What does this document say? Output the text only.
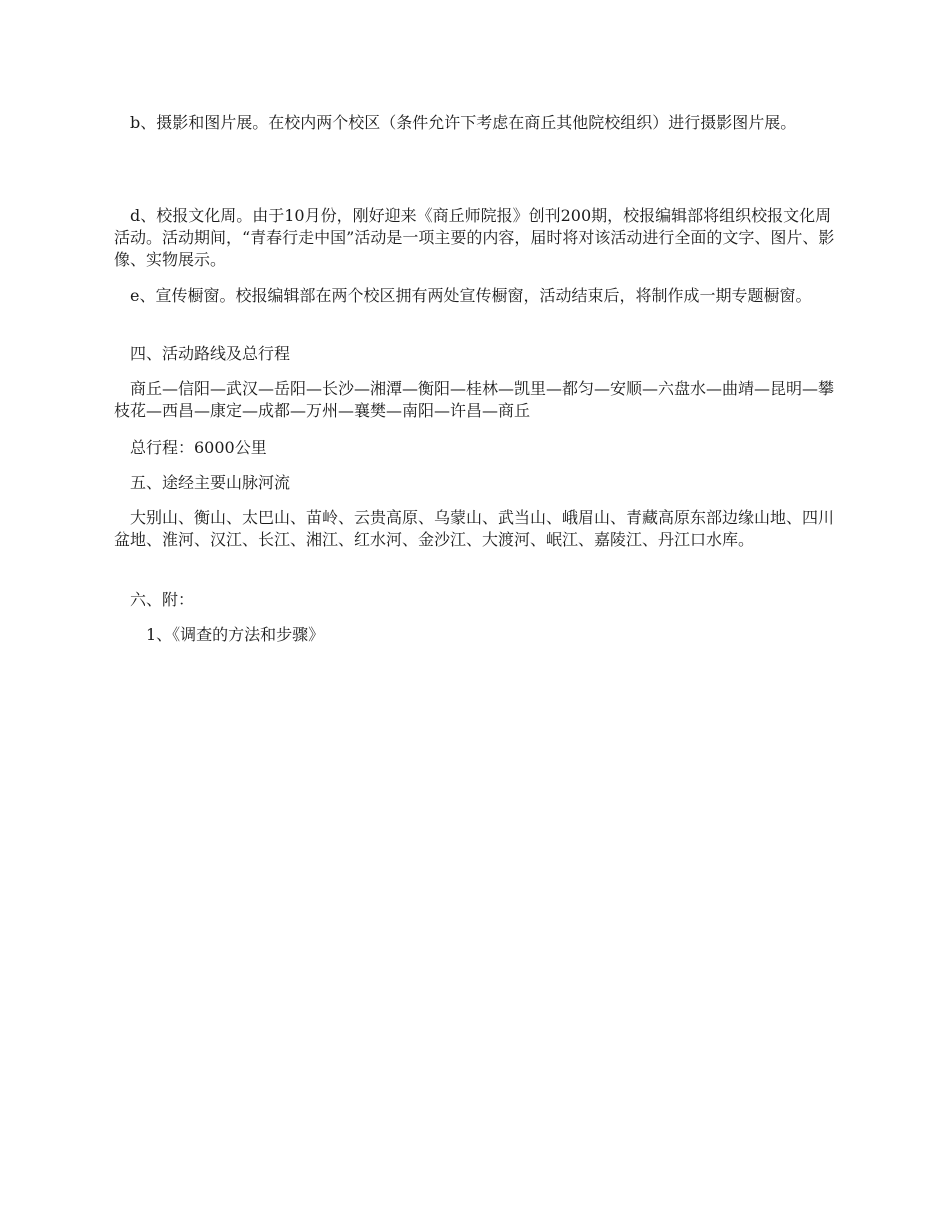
b、摄影和图片展。在校内两个校区（条件允许下考虑在商丘其他院校组织）进行摄影图片展。

d、校报文化周。由于10月份，刚好迎来《商丘师院报》创刊200期，校报编辑部将组织校报文化周活动。活动期间，“青春行走中国”活动是一项主要的内容，届时将对该活动进行全面的文字、图片、影像、实物展示。

e、宣传橱窗。校报编辑部在两个校区拥有两处宣传橱窗，活动结束后，将制作成一期专题橱窗。

四、活动路线及总行程

商丘—信阳—武汉—岳阳—长沙—湘潭—衡阳—桂林—凯里—都匀—安顺—六盘水—曲靖—昆明—攀枝花—西昌—康定—成都—万州—襄樊—南阳—许昌—商丘

总行程：6000公里

五、途经主要山脉河流

大别山、衡山、太巴山、苗岭、云贵高原、乌蒙山、武当山、峨眉山、青藏高原东部边缘山地、四川盆地、淮河、汉江、长江、湘江、红水河、金沙江、大渡河、岷江、嘉陵江、丹江口水库。

六、附：

1、《调查的方法和步骤》
